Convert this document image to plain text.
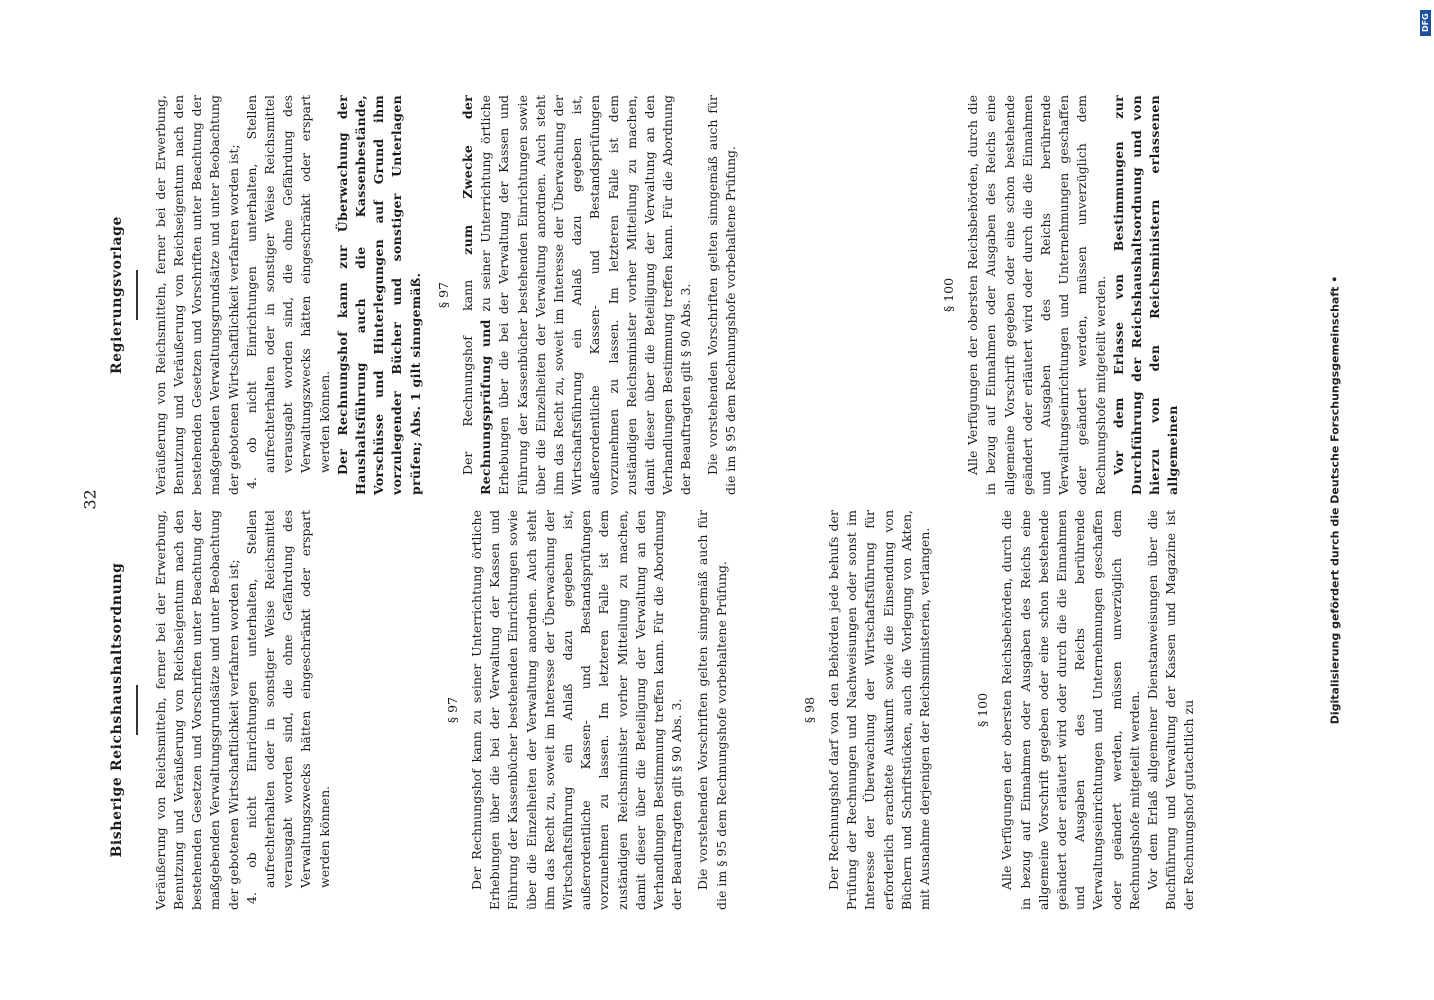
Bisherige Reichshaushaltsordnung Veräußerung von Reichsmitteln, ferner bei der Erwerbung, Benutzung und Veräußerung von Reichseigentum nach den bestehenden Gesetzen und Vorschriften unter Beachtung der maßgebenden Verwaltungsgrundsätze und unter Beobachtung der gebotenen Wirtschaftlichkeit verfahren worden ist; 4. ob nicht Einrichtungen unterhalten, Stellen aufrechterhalten oder in sonstiger Weise Reichsmittel verausgabt worden sind, die ohne Gefährdung des Verwaltungszwecks hätten eingeschränkt oder erspart werden können.

§ 97 Der Rechnungshof kann zu seiner Unterrichtung örtliche Erhebungen über die bei der Verwaltung der Kassen und Führung der Kassenbücher bestehenden Einrichtungen sowie über die Einzelheiten der Verwaltung anordnen. Auch steht ihm das Recht zu, soweit im Interesse der Überwachung der Wirtschaftsführung ein Anlaß dazu gegeben ist, außerordentliche Kassen- und Bestandsprüfungen vorzunehmen zu lassen. Im letzteren Falle ist dem zuständigen Reichsminister vorher Mitteilung zu machen, damit dieser über die Beteiligung der Verwaltung an den Verhandlungen Bestimmung treffen kann. Für die Abordnung der Beauftragten gilt § 90 Abs. 3. Die vorstehenden Vorschriften gelten sinngemäß auch für die im § 95 dem Rechnungshofe vorbehaltene Prüfung.	§ 98 Der Rechnungshof darf von den Behörden jede behufs der Prüfung der Rechnungen und Nachweisungen oder sonst im Interesse der Überwachung der Wirtschaftsführung für erforderlich erachtete Auskunft sowie die Einsendung von Büchern und Schriftstücken, auch die Vorlegung von Akten, mit Ausnahme derjenigen der Reichsministerien, verlangen.	§ 100 Alle Verfügungen der obersten Reichsbehörden, durch die in bezug auf Einnahmen oder Ausgaben des Reichs eine allgemeine Vorschrift gegeben oder eine schon bestehende geändert oder erläutert wird oder durch die die Einnahmen und Ausgaben des Reichs berührende Verwaltungseinrichtungen und Unternehmungen geschaffen oder geändert werden, müssen unverzüglich dem Rechnungshofe mitgeteilt werden. Vor dem Erlaß allgemeiner Dienstanweisungen über die Buchführung und Verwaltung der Kassen und Magazine ist der Rechnungshof gutachtlich zu

Regierungsvorlage Veräußerung von Reichsmitteln, ferner bei der Erwerbung, Benutzung und Veräußerung von Reichseigentum nach den bestehenden Gesetzen und Vorschriften unter Beachtung der maßgebenden Verwaltungsgrundsätze und unter Beobachtung der gebotenen Wirtschaftlichkeit verfahren worden ist; 4. ob nicht Einrichtungen unterhalten, Stellen aufrechterhalten oder in sonstiger Weise Reichsmittel verausgabt worden sind, die ohne Gefährdung des Verwaltungszwecks hätten eingeschränkt oder erspart werden können. Der Rechnungshof kann zur Überwachung der Haushaltsführung auch die Kassenbestände, Vorschüsse und Hinterlegungen auf Grund ihm vorzulegender Bücher und sonstiger Unterlagen prüfen; Abs. 1 gilt sinngemäß. § 97 Der Rechnungshof kann zum Zwecke der Rechnungsprüfung und zu seiner Unterrichtung örtliche Erhebungen über die bei der Verwaltung der Kassen und Führung der Kassenbücher bestehenden Einrichtungen sowie über die Einzelheiten der Verwaltung anordnen. Auch steht ihm das Recht zu, soweit im Interesse der Überwachung der Wirtschaftsführung ein Anlaß dazu gegeben ist, außerordentliche Kassen- und Bestandsprüfungen vorzunehmen zu lassen. Im letzteren Falle ist dem zuständigen Reichsminister vorher Mitteilung zu machen, damit dieser über die Beteiligung der Verwaltung an den Verhandlungen Bestimmung treffen kann. Für die Abordnung der Beauftragten gilt § 90 Abs. 3. Die vorstehenden Vorschriften gelten sinngemäß auch für die im § 95 dem Rechnungshofe vorbehaltene Prüfung.	§ 100 Alle Verfügungen der obersten Reichsbehörden, durch die in bezug auf Einnahmen oder Ausgaben des Reichs eine allgemeine Vorschrift gegeben oder eine schon bestehende geändert oder erläutert wird oder durch die die Einnahmen und Ausgaben des Reichs berührende Verwaltungseinrichtungen und Unternehmungen geschaffen oder geändert werden, müssen unverzüglich dem Rechnungshofe mitgeteilt werden. Vor dem Erlasse von Bestimmungen zur Durchführung der Reichshaushaltsordnung und von hierzu von den Reichsministern erlassenen allgemeinen

32	Digitalisierung gefördert durch die Deutsche Forschungsgemeinschaft •
DFG
